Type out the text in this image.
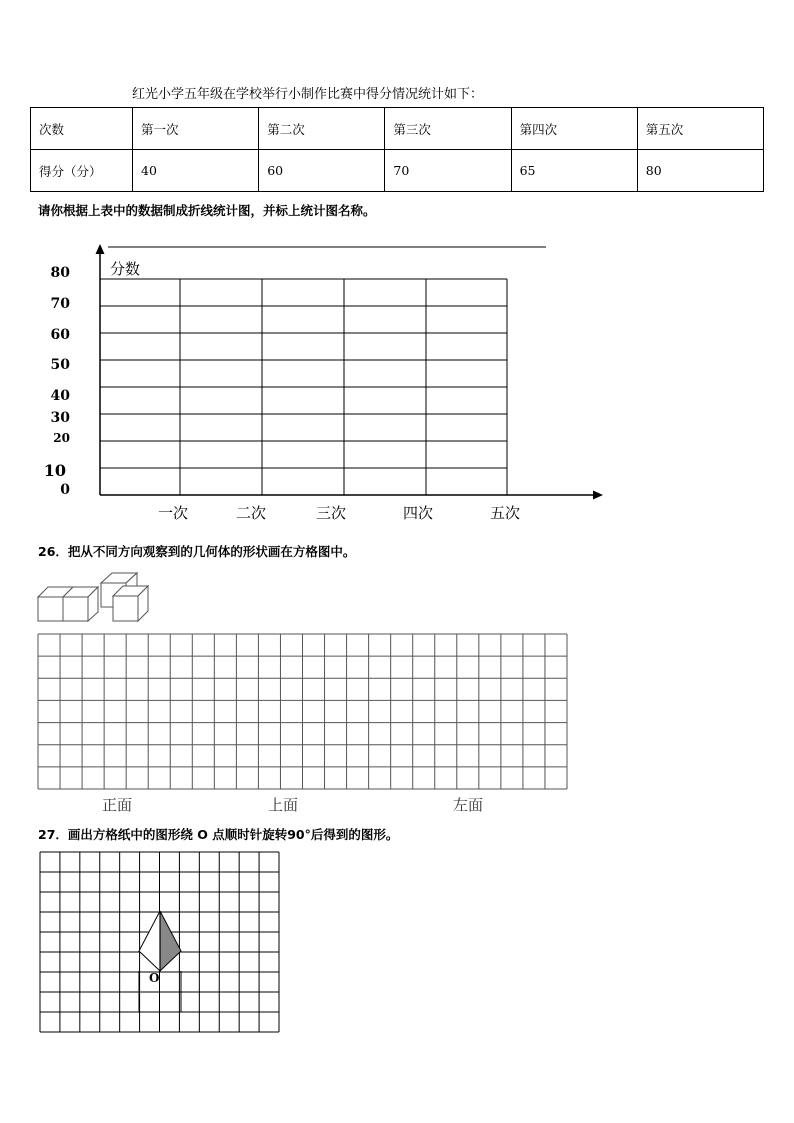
红光小学五年级在学校举行小制作比赛中得分情况统计如下：
次数	第一次	第二次	第三次	第四次	第五次
得分（分）	40	60	70	65	80
请你根据上表中的数据制成折线统计图，并标上统计图名称。
分数
80
70
60
50
40
30
20
10
0
一次	二次	三次	四次	五次
26．把从不同方向观察到的几何体的形状画在方格图中。
正面	上面	左面
27．画出方格纸中的图形绕 O 点顺时针旋转90°后得到的图形。
O
